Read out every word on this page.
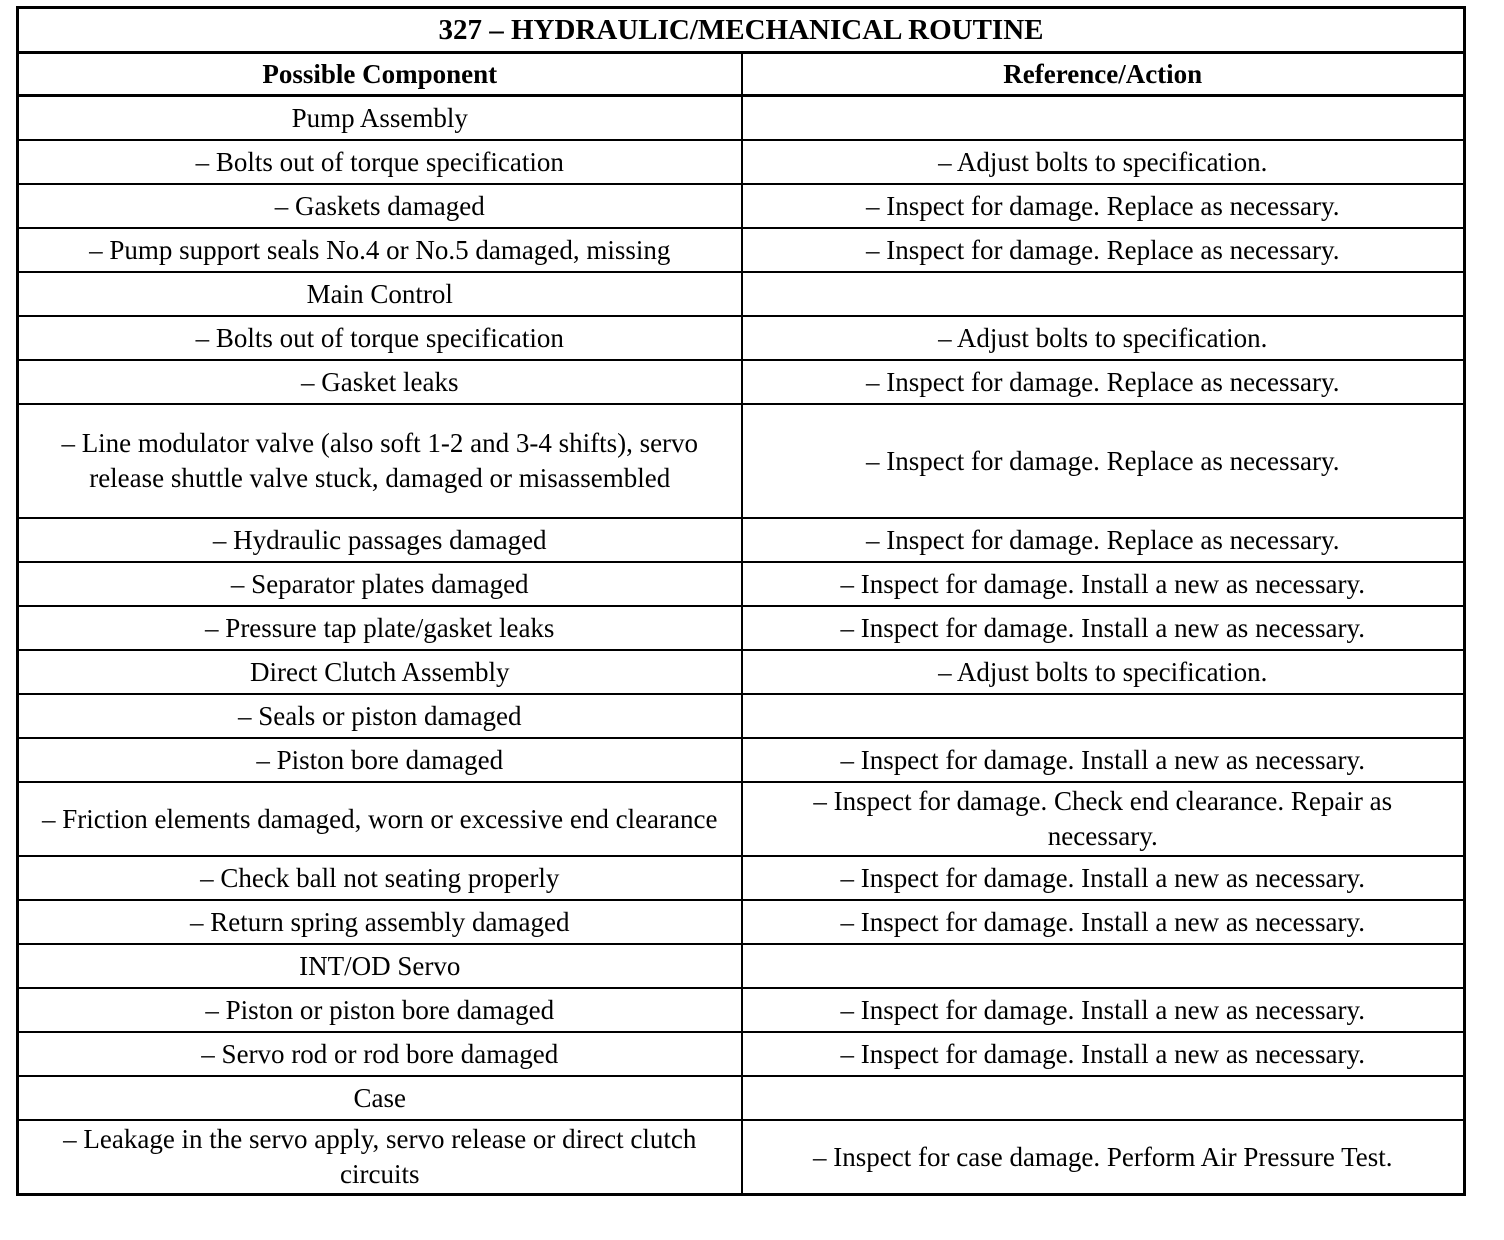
327 – HYDRAULIC/MECHANICAL ROUTINE	
Possible Component	Reference/Action
Pump Assembly	
– Bolts out of torque specification	– Adjust bolts to specification.
– Gaskets damaged	– Inspect for damage. Replace as necessary.
– Pump support seals No.4 or No.5 damaged, missing	– Inspect for damage. Replace as necessary.
Main Control	
– Bolts out of torque specification	– Adjust bolts to specification.
– Gasket leaks	– Inspect for damage. Replace as necessary.
– Line modulator valve (also soft 1-2 and 3-4 shifts), servo release shuttle valve stuck, damaged or misassembled	– Inspect for damage. Replace as necessary.
– Hydraulic passages damaged	– Inspect for damage. Replace as necessary.
– Separator plates damaged	– Inspect for damage. Install a new as necessary.
– Pressure tap plate/gasket leaks	– Inspect for damage. Install a new as necessary.
Direct Clutch Assembly	– Adjust bolts to specification.
– Seals or piston damaged	
– Piston bore damaged	– Inspect for damage. Install a new as necessary.
– Friction elements damaged, worn or excessive end clearance	– Inspect for damage. Check end clearance. Repair as necessary.
– Check ball not seating properly	– Inspect for damage. Install a new as necessary.
– Return spring assembly damaged	– Inspect for damage. Install a new as necessary.
INT/OD Servo	
– Piston or piston bore damaged	– Inspect for damage. Install a new as necessary.
– Servo rod or rod bore damaged	– Inspect for damage. Install a new as necessary.
Case	
– Leakage in the servo apply, servo release or direct clutch circuits	– Inspect for case damage. Perform Air Pressure Test.
